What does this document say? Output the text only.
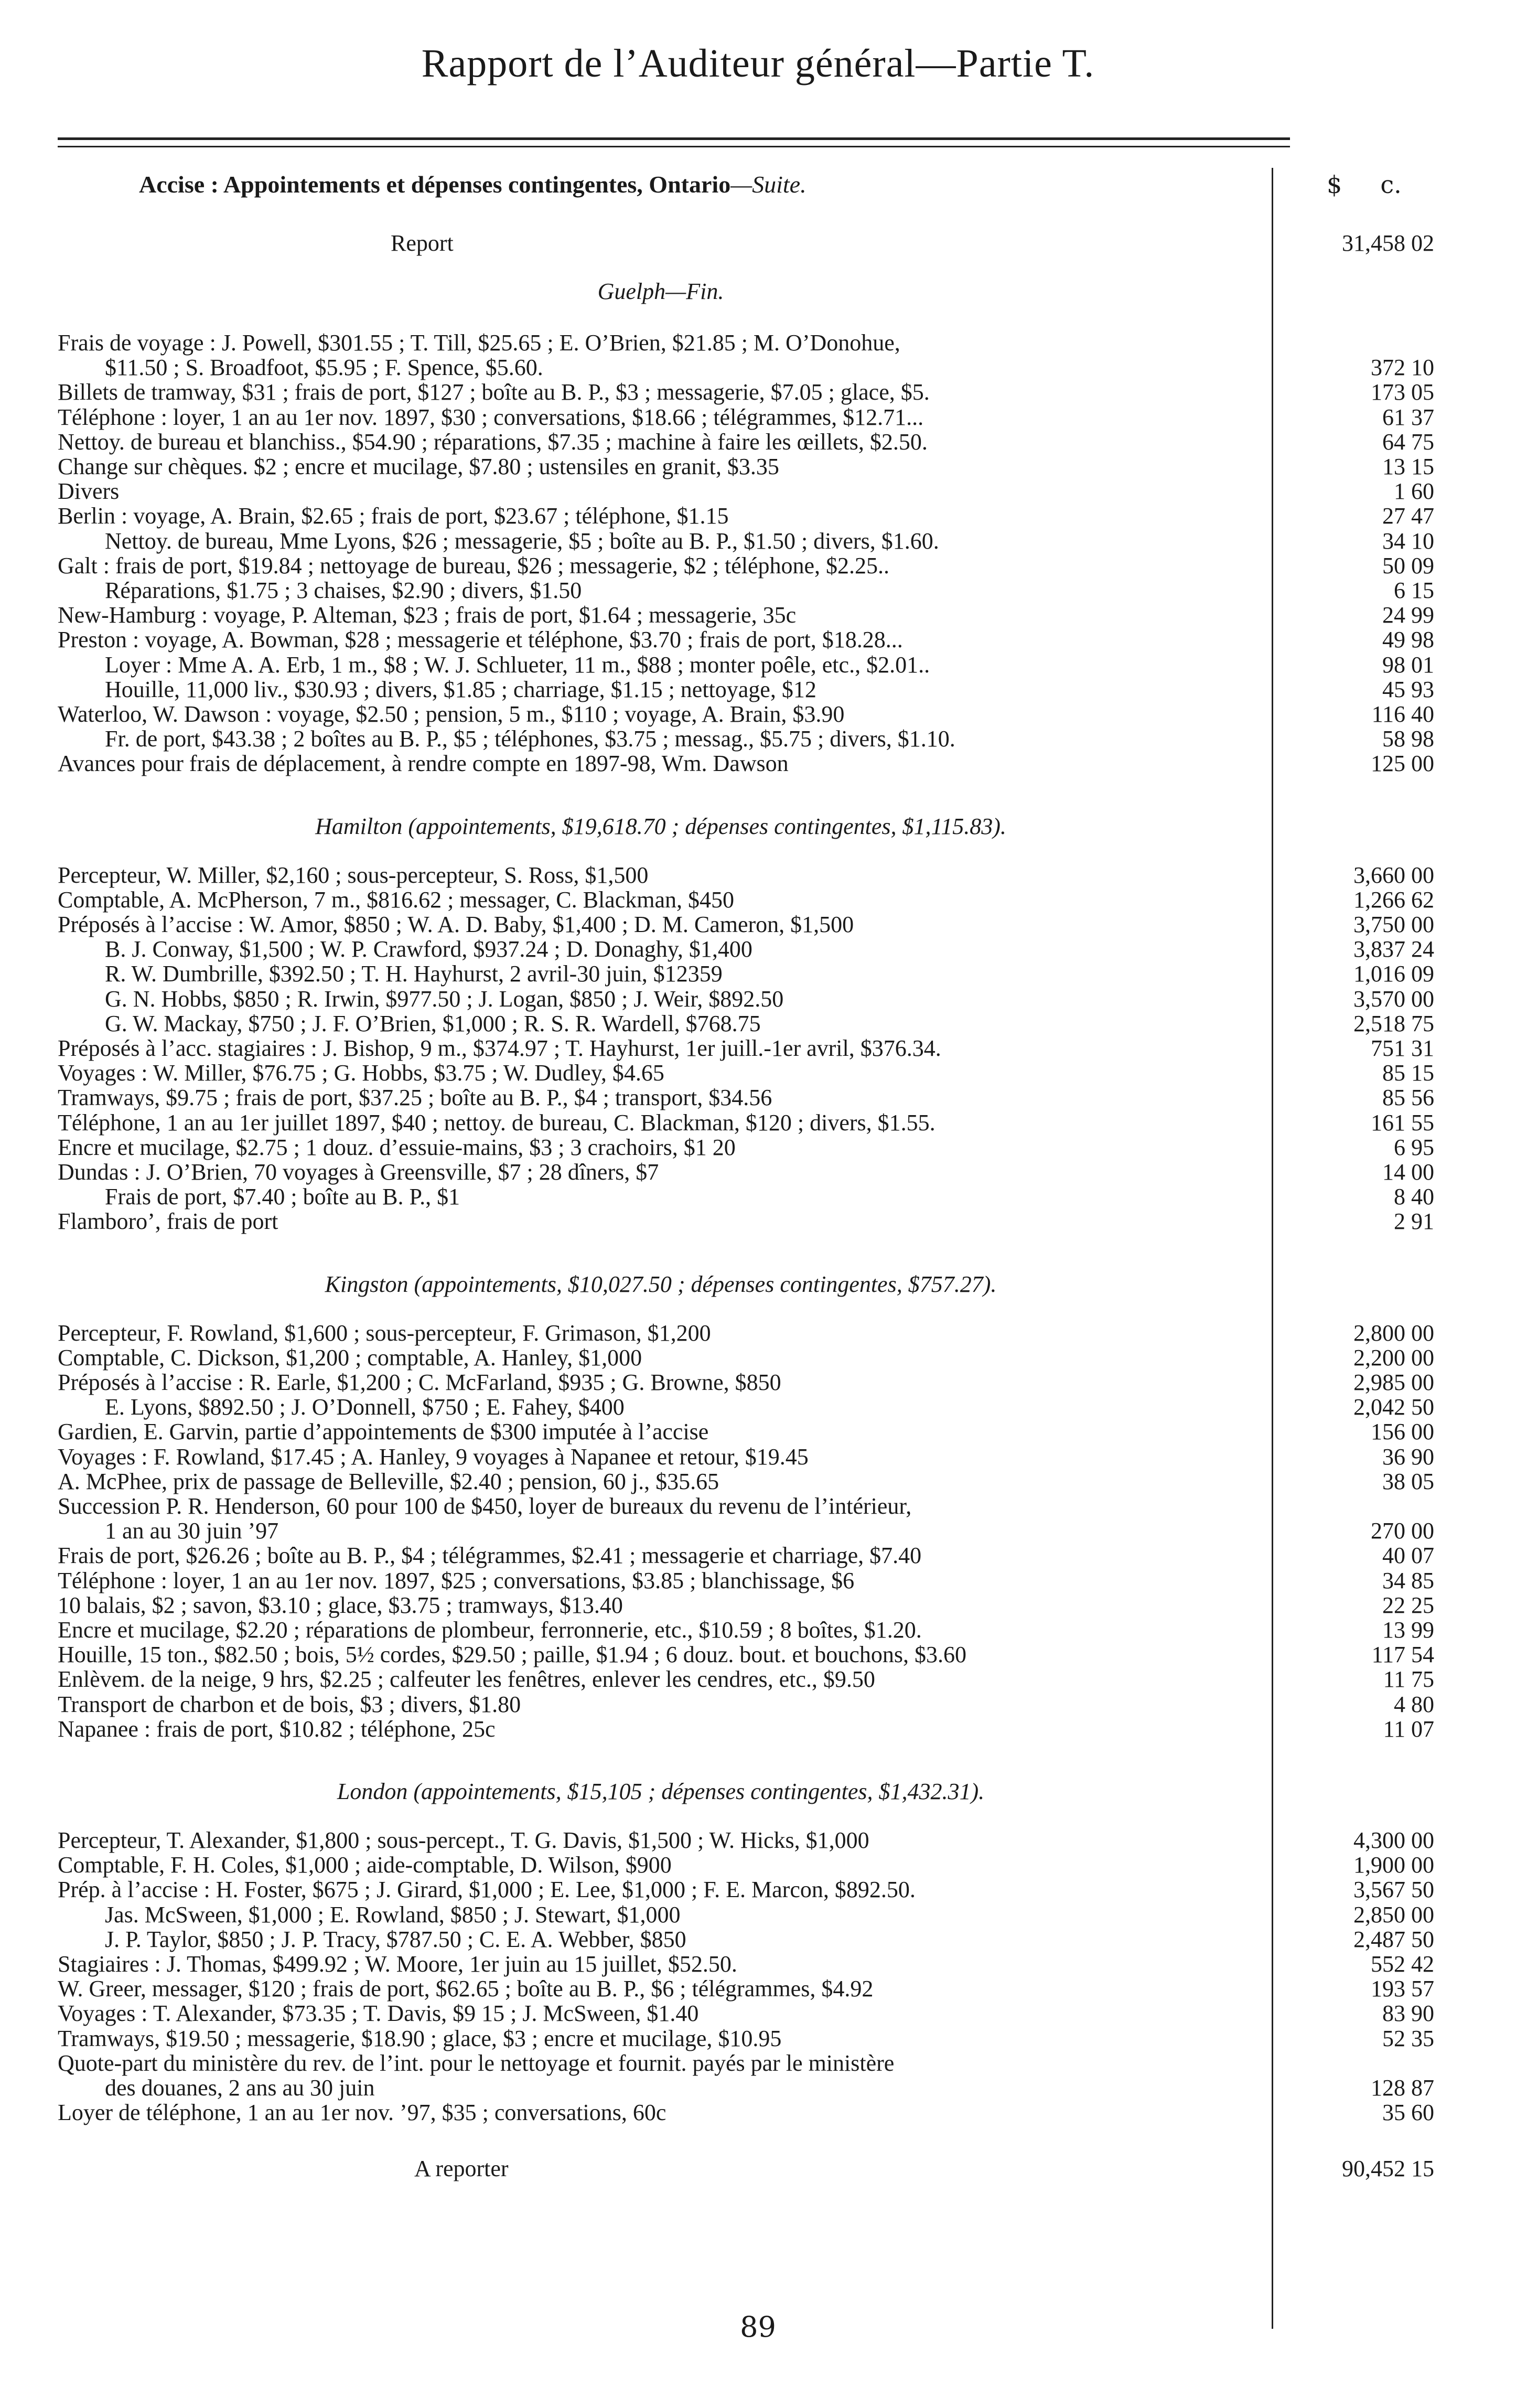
Rapport de l’Auditeur général—Partie T.
Accise : Appointements et dépenses contingentes, Ontario—Suite.	$     c.
Report	31,458 02
Guelph—Fin.
Frais de voyage : J. Powell, $301.55 ; T. Till, $25.65 ; E. O’Brien, $21.85 ; M. O’Donohue,
$11.50 ; S. Broadfoot, $5.95 ; F. Spence, $5.60.	372 10
Billets de tramway, $31 ; frais de port, $127 ; boîte au B. P., $3 ; messagerie, $7.05 ; glace, $5.	173 05
Téléphone : loyer, 1 an au 1er nov. 1897, $30 ; conversations, $18.66 ; télégrammes, $12.71...	61 37
Nettoy. de bureau et blanchiss., $54.90 ; réparations, $7.35 ; machine à faire les œillets, $2.50.	64 75
Change sur chèques. $2 ; encre et mucilage, $7.80 ; ustensiles en granit, $3.35	13 15
Divers	1 60
Berlin : voyage, A. Brain, $2.65 ; frais de port, $23.67 ; téléphone, $1.15	27 47
Nettoy. de bureau, Mme Lyons, $26 ; messagerie, $5 ; boîte au B. P., $1.50 ; divers, $1.60.	34 10
Galt : frais de port, $19.84 ; nettoyage de bureau, $26 ; messagerie, $2 ; téléphone, $2.25..	50 09
Réparations, $1.75 ; 3 chaises, $2.90 ; divers, $1.50	6 15
New-Hamburg : voyage, P. Alteman, $23 ; frais de port, $1.64 ; messagerie, 35c	24 99
Preston : voyage, A. Bowman, $28 ; messagerie et téléphone, $3.70 ; frais de port, $18.28...	49 98
Loyer : Mme A. A. Erb, 1 m., $8 ; W. J. Schlueter, 11 m., $88 ; monter poêle, etc., $2.01..	98 01
Houille, 11,000 liv., $30.93 ; divers, $1.85 ; charriage, $1.15 ; nettoyage, $12	45 93
Waterloo, W. Dawson : voyage, $2.50 ; pension, 5 m., $110 ; voyage, A. Brain, $3.90	116 40
Fr. de port, $43.38 ; 2 boîtes au B. P., $5 ; téléphones, $3.75 ; messag., $5.75 ; divers, $1.10.	58 98
Avances pour frais de déplacement, à rendre compte en 1897-98, Wm. Dawson	125 00
Hamilton (appointements, $19,618.70 ; dépenses contingentes, $1,115.83).
Percepteur, W. Miller, $2,160 ; sous-percepteur, S. Ross, $1,500	3,660 00
Comptable, A. McPherson, 7 m., $816.62 ; messager, C. Blackman, $450	1,266 62
Préposés à l’accise : W. Amor, $850 ; W. A. D. Baby, $1,400 ; D. M. Cameron, $1,500	3,750 00
B. J. Conway, $1,500 ; W. P. Crawford, $937.24 ; D. Donaghy, $1,400	3,837 24
R. W. Dumbrille, $392.50 ; T. H. Hayhurst, 2 avril-30 juin, $12359	1,016 09
G. N. Hobbs, $850 ; R. Irwin, $977.50 ; J. Logan, $850 ; J. Weir, $892.50	3,570 00
G. W. Mackay, $750 ; J. F. O’Brien, $1,000 ; R. S. R. Wardell, $768.75	2,518 75
Préposés à l’acc. stagiaires : J. Bishop, 9 m., $374.97 ; T. Hayhurst, 1er juill.-1er avril, $376.34.	751 31
Voyages : W. Miller, $76.75 ; G. Hobbs, $3.75 ; W. Dudley, $4.65	85 15
Tramways, $9.75 ; frais de port, $37.25 ; boîte au B. P., $4 ; transport, $34.56	85 56
Téléphone, 1 an au 1er juillet 1897, $40 ; nettoy. de bureau, C. Blackman, $120 ; divers, $1.55.	161 55
Encre et mucilage, $2.75 ; 1 douz. d’essuie-mains, $3 ; 3 crachoirs, $1 20	6 95
Dundas : J. O’Brien, 70 voyages à Greensville, $7 ; 28 dîners, $7	14 00
Frais de port, $7.40 ; boîte au B. P., $1	8 40
Flamboro’, frais de port	2 91
Kingston (appointements, $10,027.50 ; dépenses contingentes, $757.27).
Percepteur, F. Rowland, $1,600 ; sous-percepteur, F. Grimason, $1,200	2,800 00
Comptable, C. Dickson, $1,200 ; comptable, A. Hanley, $1,000	2,200 00
Préposés à l’accise : R. Earle, $1,200 ; C. McFarland, $935 ; G. Browne, $850	2,985 00
E. Lyons, $892.50 ; J. O’Donnell, $750 ; E. Fahey, $400	2,042 50
Gardien, E. Garvin, partie d’appointements de $300 imputée à l’accise	156 00
Voyages : F. Rowland, $17.45 ; A. Hanley, 9 voyages à Napanee et retour, $19.45	36 90
A. McPhee, prix de passage de Belleville, $2.40 ; pension, 60 j., $35.65	38 05
Succession P. R. Henderson, 60 pour 100 de $450, loyer de bureaux du revenu de l’intérieur,
1 an au 30 juin ’97	270 00
Frais de port, $26.26 ; boîte au B. P., $4 ; télégrammes, $2.41 ; messagerie et charriage, $7.40	40 07
Téléphone : loyer, 1 an au 1er nov. 1897, $25 ; conversations, $3.85 ; blanchissage, $6	34 85
10 balais, $2 ; savon, $3.10 ; glace, $3.75 ; tramways, $13.40	22 25
Encre et mucilage, $2.20 ; réparations de plombeur, ferronnerie, etc., $10.59 ; 8 boîtes, $1.20.	13 99
Houille, 15 ton., $82.50 ; bois, 5½ cordes, $29.50 ; paille, $1.94 ; 6 douz. bout. et bouchons, $3.60	117 54
Enlèvem. de la neige, 9 hrs, $2.25 ; calfeuter les fenêtres, enlever les cendres, etc., $9.50	11 75
Transport de charbon et de bois, $3 ; divers, $1.80	4 80
Napanee : frais de port, $10.82 ; téléphone, 25c	11 07
London (appointements, $15,105 ; dépenses contingentes, $1,432.31).
Percepteur, T. Alexander, $1,800 ; sous-percept., T. G. Davis, $1,500 ; W. Hicks, $1,000	4,300 00
Comptable, F. H. Coles, $1,000 ; aide-comptable, D. Wilson, $900	1,900 00
Prép. à l’accise : H. Foster, $675 ; J. Girard, $1,000 ; E. Lee, $1,000 ; F. E. Marcon, $892.50.	3,567 50
Jas. McSween, $1,000 ; E. Rowland, $850 ; J. Stewart, $1,000	2,850 00
J. P. Taylor, $850 ; J. P. Tracy, $787.50 ; C. E. A. Webber, $850	2,487 50
Stagiaires : J. Thomas, $499.92 ; W. Moore, 1er juin au 15 juillet, $52.50.	552 42
W. Greer, messager, $120 ; frais de port, $62.65 ; boîte au B. P., $6 ; télégrammes, $4.92	193 57
Voyages : T. Alexander, $73.35 ; T. Davis, $9 15 ; J. McSween, $1.40	83 90
Tramways, $19.50 ; messagerie, $18.90 ; glace, $3 ; encre et mucilage, $10.95	52 35
Quote-part du ministère du rev. de l’int. pour le nettoyage et fournit. payés par le ministère
des douanes, 2 ans au 30 juin	128 87
Loyer de téléphone, 1 an au 1er nov. ’97, $35 ; conversations, 60c	35 60
A reporter	90,452 15
89
